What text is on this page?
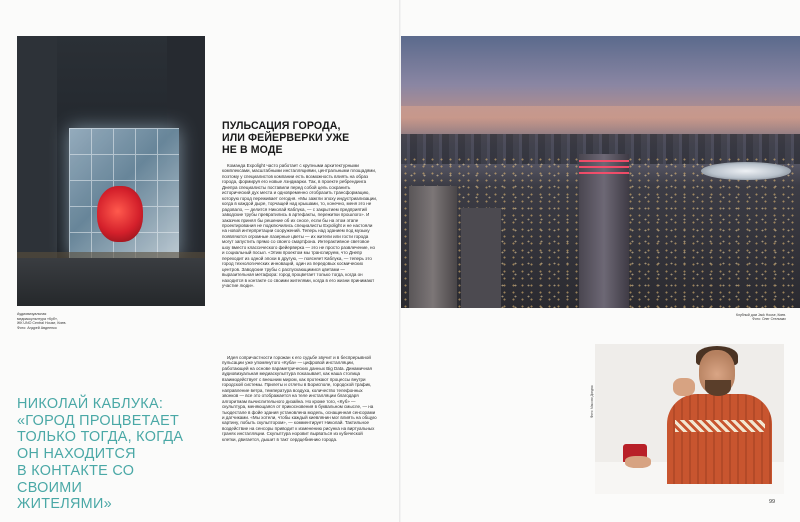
Аудиовизуальная
медиаскульптура «Куб»,
ЖК UNO Central House, Киев.
Фото: Андрей Авдеенко
ПУЛЬСАЦИЯ ГОРОДА,
ИЛИ ФЕЙЕРВЕРКИ УЖЕ
НЕ В МОДЕ

Команда Expolight часто работает с крупными архитектурными комплексами, масштабными инсталляциями, центральными площадями, поэтому у специалистов компании есть возможность влиять на образ города, формируя его новые лэндмарки. Так, в проекте ребрендинга Днепра специалисты поставили перед собой цель сохранить исторический дух места и одновременно отобразить трансформацию, которую город переживает сегодня. «Мы зажгли эпоху индустриализации, когда в каждой дыре, торчащей над крышами, то, конечно, меня это не радовало, — делится Николай Каблука, — с закрытием предприятий заводские трубы превратились в артефакты, пережитки прошлого». И заказчик принял бы решение об их сносе, если бы на этом этапе проектирования не подключились специалисты Expolight и не настояли на новой интерпретации сооружений. Теперь над зданием под музыку появляются огромные лазерные цветы — их жители или гости города могут запустить прямо со своего смартфона. Интерактивное световое шоу вместо классического фейерверка — это не просто развлечение, но и социальный посыл. «Этим проектом мы транслируем, что Днепр переходит из одной эпохи в другую, — поясняет Каблука, — теперь это город технологических инноваций, один из передовых космических центров. Заводские трубы с распускающимися цветами — выразительная метафора: город процветает только тогда, когда он находится в контакте со своими жителями, когда в его жизни принимают участие люди».

Идея сопричастности горожан к его судьбе звучит и в беспрерывной пульсации уже упомянутого «Куба» — цифровой инсталляции, работающей на основе параметрических данных Big Data. Динамичная аудиовизуальная медиаскульптура показывает, как наша столица взаимодействует с внешним миром, как протекают процессы внутри городской системы. Прилеты и отлеты в Борисполе, городской трафик, направление ветра, температура воздуха, количество телефонных звонков — все это отображается на теле инсталляции благодаря алгоритмам вычислительного дизайна. Но кроме того, «Куб» — скульптура, меняющаяся от прикосновения в буквальном смысле, — на тьюдестале в фойе здания установлена модель, оснащенная сенсорами и датчиками. «Мы хотели, чтобы каждый киевлянин мог влиять на общую картину, побыть скульптором», — комментирует Николай. Тактильное воздействие на сенсоры приводит к изменению рисунка на виртуальных гранях инсталляции. Скульптура норовит вырваться из кубической клетки, двигается, дышит в такт сердцебиению города.

НИКОЛАЙ КАБЛУКА:
«ГОРОД ПРОЦВЕТАЕТ
ТОЛЬКО ТОГДА, КОГДА
ОН НАХОДИТСЯ
В КОНТАКТЕ СО СВОИМИ
ЖИТЕЛЯМИ»
Клубный дом Jack House, Киев.
Фото: Олег Стельмах
Фото: Максим Дондюк
99
